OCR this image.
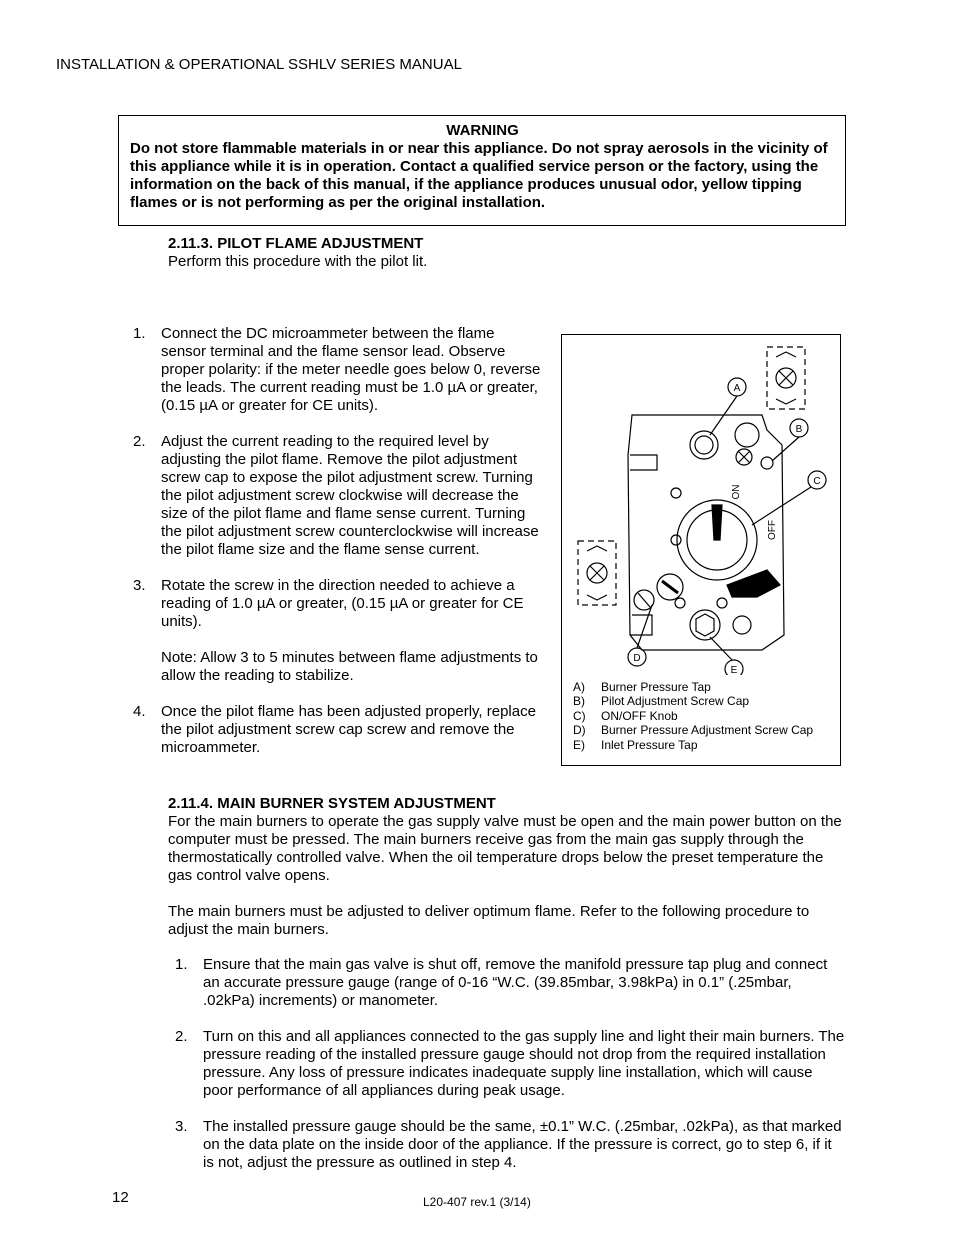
INSTALLATION & OPERATIONAL SSHLV SERIES MANUAL
WARNING
Do not store flammable materials in or near this appliance. Do not spray aerosols in the vicinity of this appliance while it is in operation. Contact a qualified service person or the factory, using the information on the back of this manual, if the appliance produces unusual odor, yellow tipping flames or is not performing as per the original installation.
2.11.3. PILOT FLAME ADJUSTMENT
Perform this procedure with the pilot lit.
1. Connect the DC microammeter between the flame sensor terminal and the flame sensor lead. Observe proper polarity: if the meter needle goes below 0, reverse the leads. The current reading must be 1.0 µA or greater, (0.15 µA or greater for CE units).
2. Adjust the current reading to the required level by adjusting the pilot flame. Remove the pilot adjustment screw cap to expose the pilot adjustment screw. Turning the pilot adjustment screw clockwise will decrease the size of the pilot flame and flame sense current. Turning the pilot adjustment screw counterclockwise will increase the pilot flame size and the flame sense current.
3. Rotate the screw in the direction needed to achieve a reading of 1.0 µA or greater, (0.15 µA or greater for CE units).
Note: Allow 3 to 5 minutes between flame adjustments to allow the reading to stabilize.
4. Once the pilot flame has been adjusted properly, replace the pilot adjustment screw cap screw and remove the microammeter.
A
B
C
D
E
ON
OFF
A)	Burner Pressure Tap
B)	Pilot Adjustment Screw Cap
C)	ON/OFF Knob
D)	Burner Pressure Adjustment Screw Cap
E)	Inlet Pressure Tap
2.11.4. MAIN BURNER SYSTEM ADJUSTMENT
For the main burners to operate the gas supply valve must be open and the main power button on the computer must be pressed. The main burners receive gas from the main gas supply through the thermostatically controlled valve. When the oil temperature drops below the preset temperature the gas control valve opens.
The main burners must be adjusted to deliver optimum flame. Refer to the following procedure to adjust the main burners.
1. Ensure that the main gas valve is shut off, remove the manifold pressure tap plug and connect an accurate pressure gauge (range of 0-16 “W.C. (39.85mbar, 3.98kPa) in 0.1” (.25mbar, .02kPa) increments) or manometer.
2. Turn on this and all appliances connected to the gas supply line and light their main burners. The pressure reading of the installed pressure gauge should not drop from the required installation pressure. Any loss of pressure indicates inadequate supply line installation, which will cause poor performance of all appliances during peak usage.
3. The installed pressure gauge should be the same, ±0.1” W.C. (.25mbar, .02kPa), as that marked on the data plate on the inside door of the appliance. If the pressure is correct, go to step 6, if it is not, adjust the pressure as outlined in step 4.
12	L20-407 rev.1 (3/14)
